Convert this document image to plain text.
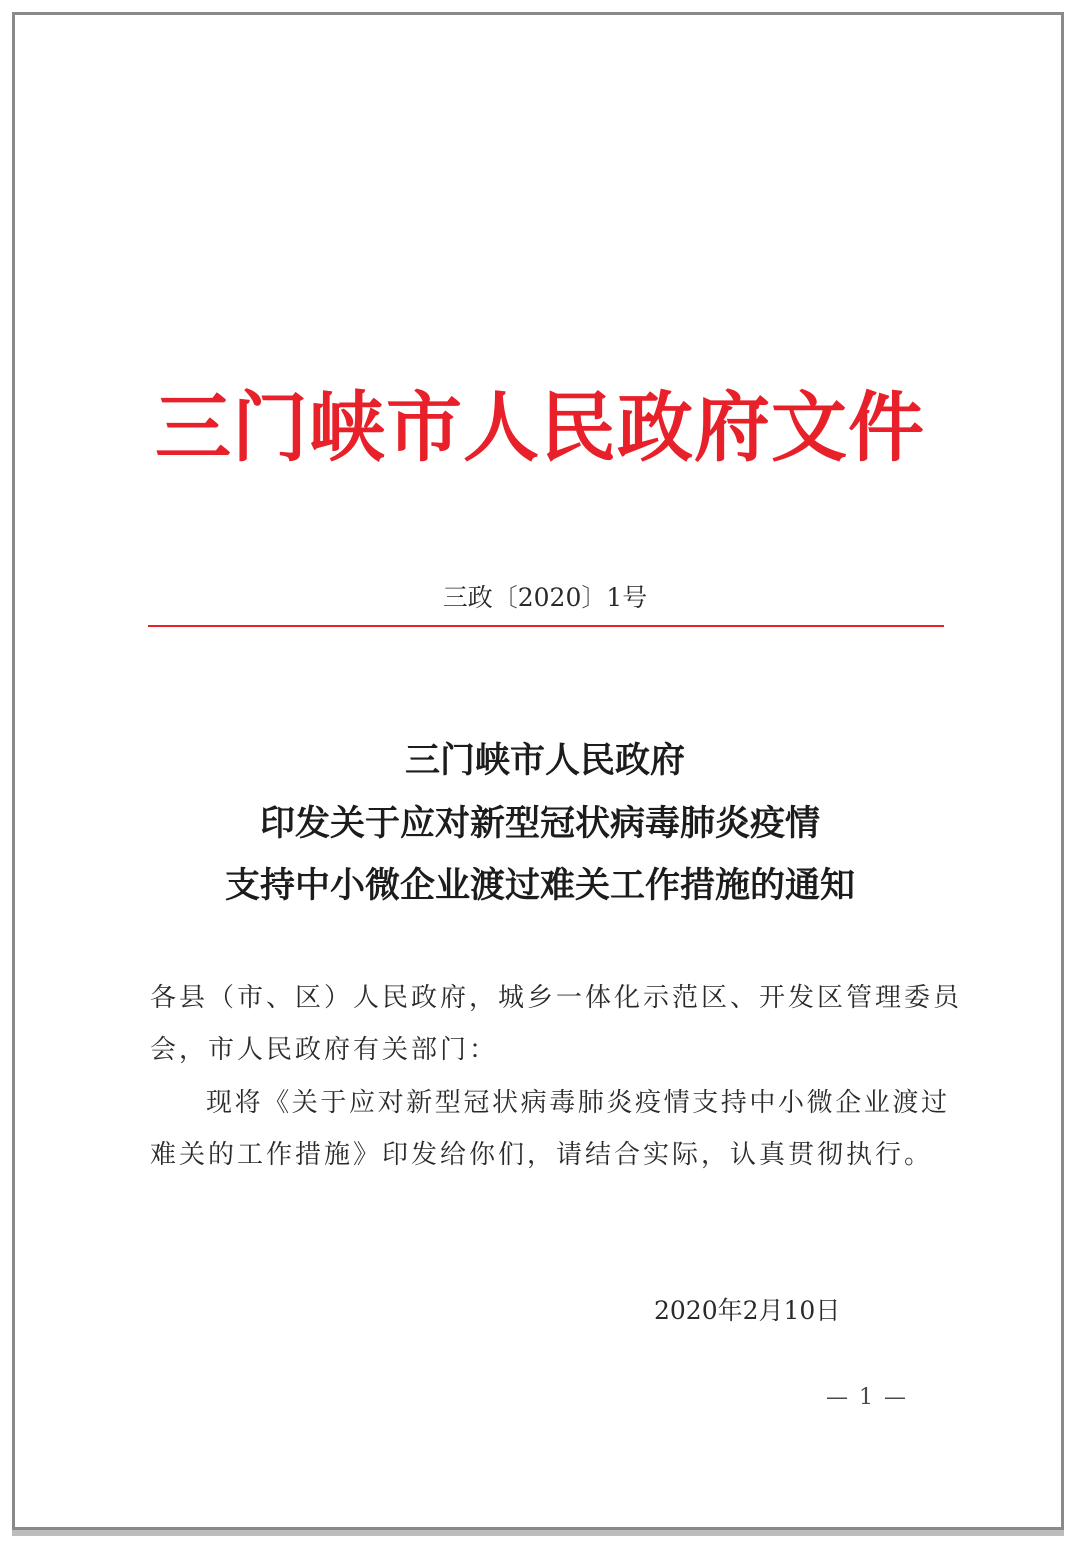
三门峡市人民政府文件
三政〔2020〕1号
三门峡市人民政府
印发关于应对新型冠状病毒肺炎疫情
支持中小微企业渡过难关工作措施的通知
各县（市、区）人民政府，城乡一体化示范区、开发区管理委员
会，市人民政府有关部门：
现将《关于应对新型冠状病毒肺炎疫情支持中小微企业渡过
难关的工作措施》印发给你们，请结合实际，认真贯彻执行。
2020年2月10日
— 1 —
